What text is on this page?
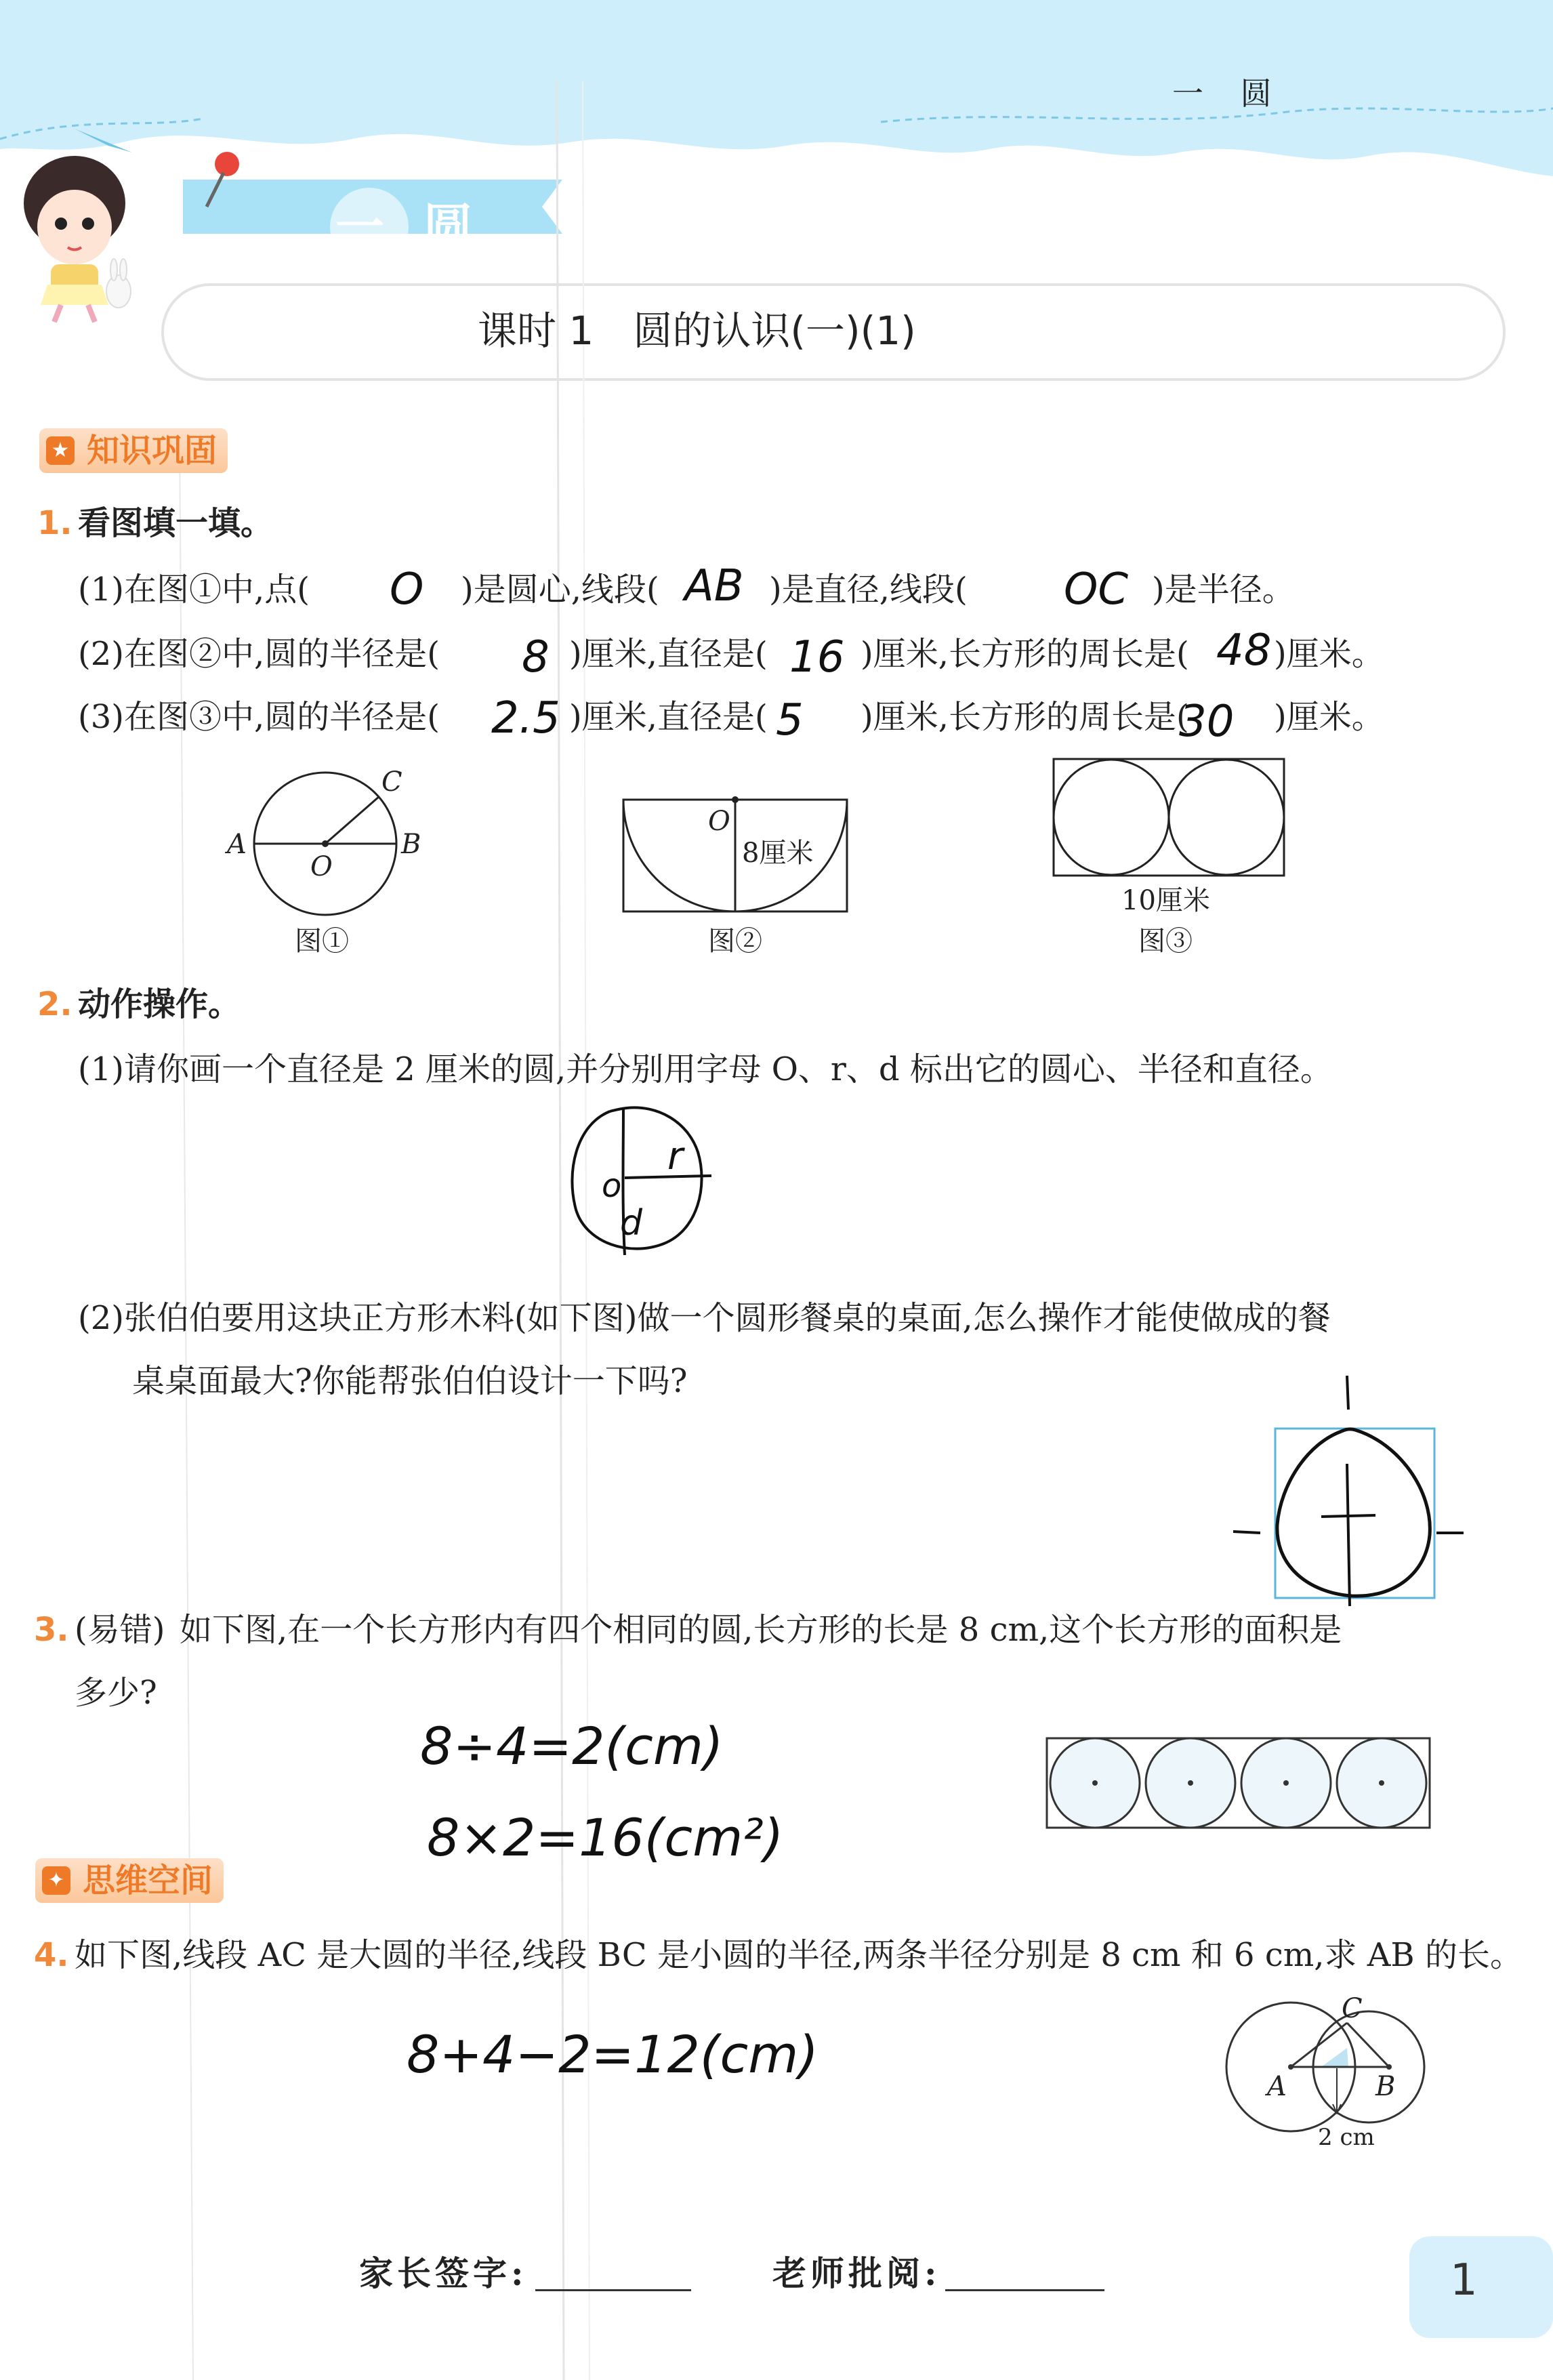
一 圆
一 圆
课时 1　圆的认识(一)(1)
★ 知识巩固
1. 看图填一填。
(1)在图①中,点(	)是圆心,线段(	)是直径,线段(	)是半径。
O	AB	OC
(2)在图②中,圆的半径是(	)厘米,直径是(	)厘米,长方形的周长是(	)厘米。
8	16	48
(3)在图③中,圆的半径是(	)厘米,直径是(	)厘米,长方形的周长是(	)厘米。
2.5	5	30
A	B
C
O
图①
O
8厘米
图②
10厘米
图③
2. 动作操作。
(1)请你画一个直径是 2 厘米的圆,并分别用字母 O、r、d 标出它的圆心、半径和直径。
o
r
d
(2)张伯伯要用这块正方形木料(如下图)做一个圆形餐桌的桌面,怎么操作才能使做成的餐
桌桌面最大?你能帮张伯伯设计一下吗?
3. (易错) 如下图,在一个长方形内有四个相同的圆,长方形的长是 8 cm,这个长方形的面积是
多少?
8÷4=2(cm)
8×2=16(cm²)
✦ 思维空间
4. 如下图,线段 AC 是大圆的半径,线段 BC 是小圆的半径,两条半径分别是 8 cm 和 6 cm,求 AB 的长。
8+4−2=12(cm)
C
A	B
2 cm
家长签字:	老师批阅:	1
